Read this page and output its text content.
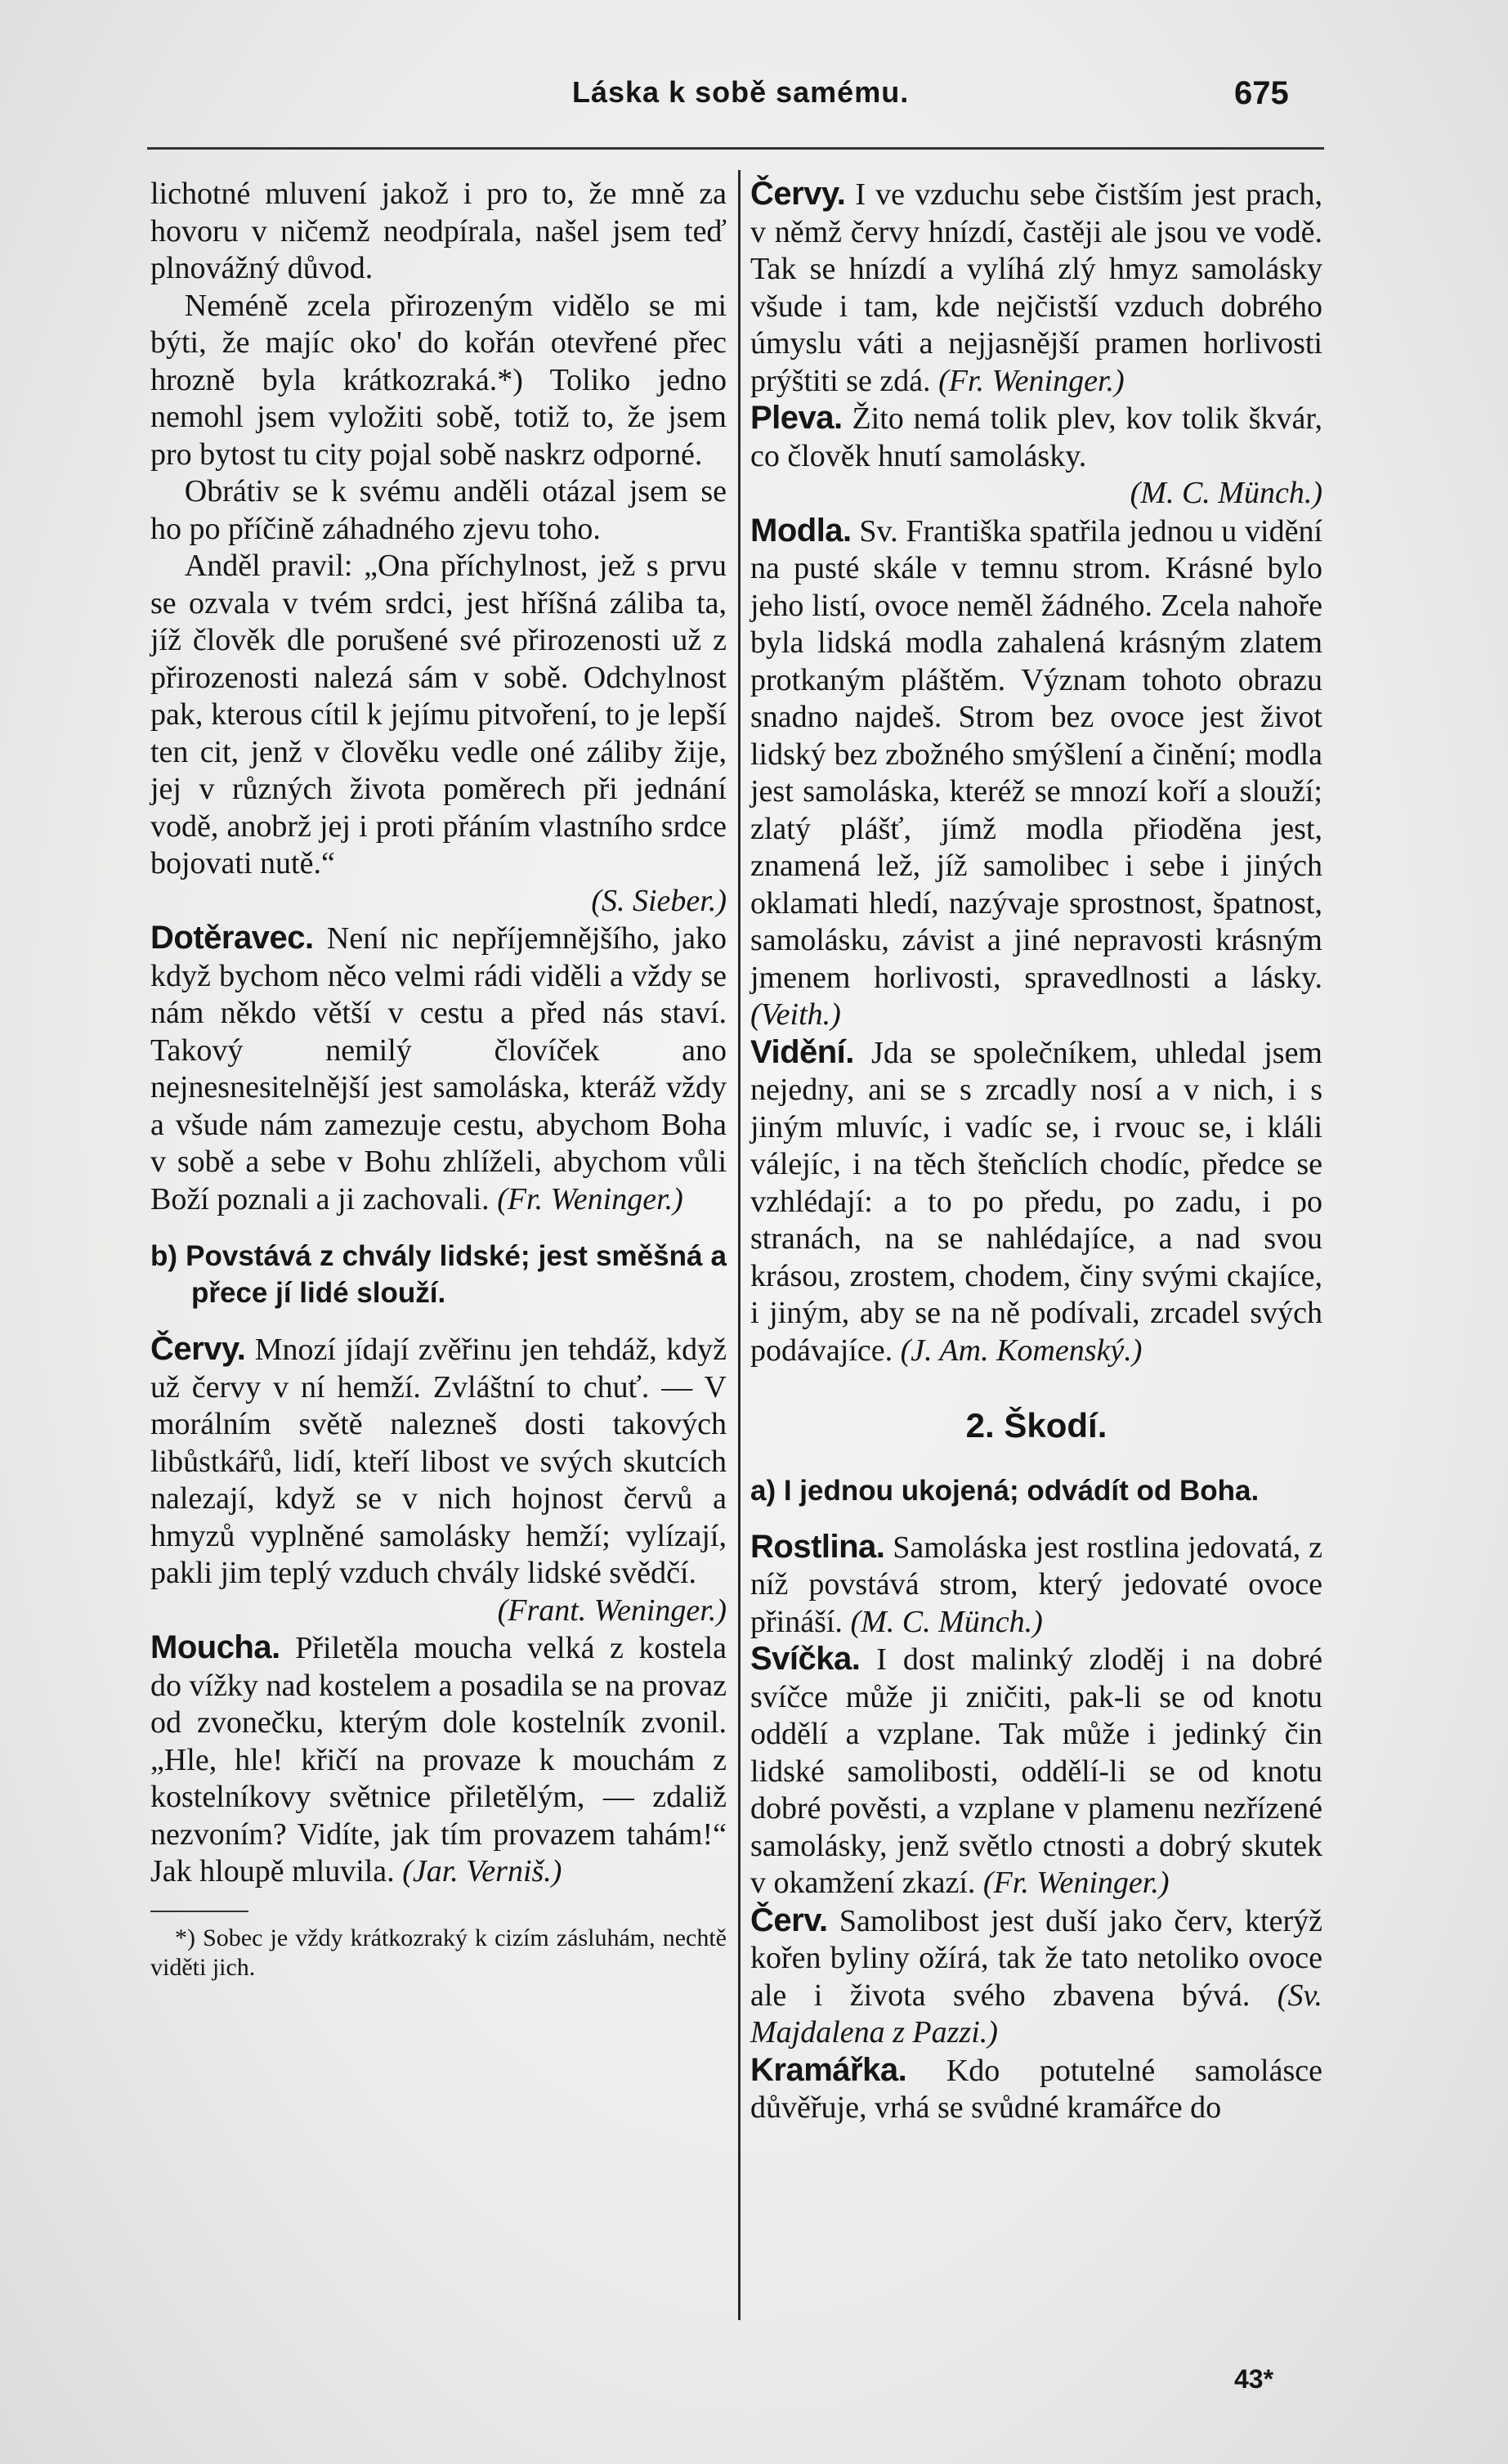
Láska k sobě samému.	675

lichotné mluvení jakož i pro to, že mně za hovoru v ničemž neodpírala, našel jsem teď plnovážný důvod.

Neméně zcela přirozeným vidělo se mi býti, že majíc oko' do kořán otevřené přec hrozně byla krátkozraká.*) Toliko jedno nemohl jsem vyložiti sobě, totiž to, že jsem pro bytost tu city pojal sobě naskrz odporné.

Obrátiv se k svému anděli otázal jsem se ho po příčině záhadného zjevu toho.

Anděl pravil: „Ona příchylnost, jež s prvu se ozvala v tvém srdci, jest hříšná záliba ta, jíž člověk dle porušené své přirozenosti už z přirozenosti nalezá sám v sobě. Odchylnost pak, kterous cítil k jejímu pitvoření, to je lepší ten cit, jenž v člověku vedle oné záliby žije, jej v různých života poměrech při jednání vodě, anobrž jej i proti přáním vlastního srdce bojovati nutě.“

(S. Sieber.)

Dotěravec. Není nic nepříjemnějšího, jako když bychom něco velmi rádi viděli a vždy se nám někdo větší v cestu a před nás staví. Takový nemilý človíček ano nejnesnesitelnější jest samoláska, kteráž vždy a všude nám zamezuje cestu, abychom Boha v sobě a sebe v Bohu zhlíželi, abychom vůli Boží poznali a ji zachovali. (Fr. Weninger.)

b) Povstává z chvály lidské; jest směšná a přece jí lidé slouží.

Červy. Mnozí jídají zvěřinu jen tehdáž, když už červy v ní hemží. Zvláštní to chuť. — V morálním světě nalezneš dosti takových libůstkářů, lidí, kteří libost ve svých skutcích nalezají, když se v nich hojnost červů a hmyzů vyplněné samolásky hemží; vylízají, pakli jim teplý vzduch chvály lidské svědčí.

(Frant. Weninger.)

Moucha. Přiletěla moucha velká z kostela do vížky nad kostelem a posadila se na provaz od zvonečku, kterým dole kostelník zvonil. „Hle, hle! křičí na provaze k mouchám z kostelníkovy světnice přiletělým, — zdaliž nezvoním? Vidíte, jak tím provazem tahám!“ Jak hloupě mluvila. (Jar. Verniš.)

*) Sobec je vždy krátkozraký k cizím zásluhám, nechtě viděti jich.

Červy. I ve vzduchu sebe čistším jest prach, v němž červy hnízdí, častěji ale jsou ve vodě. Tak se hnízdí a vylíhá zlý hmyz samolásky všude i tam, kde nejčistší vzduch dobrého úmyslu váti a nejjasnější pramen horlivosti prýštiti se zdá. (Fr. Weninger.)

Pleva. Žito nemá tolik plev, kov tolik škvár, co člověk hnutí samolásky.

(M. C. Münch.)

Modla. Sv. Františka spatřila jednou u vidění na pusté skále v temnu strom. Krásné bylo jeho listí, ovoce neměl žádného. Zcela nahoře byla lidská modla zahalená krásným zlatem protkaným pláštěm. Význam tohoto obrazu snadno najdeš. Strom bez ovoce jest život lidský bez zbožného smýšlení a činění; modla jest samoláska, kteréž se mnozí koří a slouží; zlatý plášť, jímž modla přioděna jest, znamená lež, jíž samolibec i sebe i jiných oklamati hledí, nazývaje sprostnost, špatnost, samolásku, závist a jiné nepravosti krásným jmenem horlivosti, spravedlnosti a lásky. (Veith.)

Vidění. Jda se společníkem, uhledal jsem nejedny, ani se s zrcadly nosí a v nich, i s jiným mluvíc, i vadíc se, i rvouc se, i kláli válejíc, i na těch šteňclích chodíc, předce se vzhlédají: a to po předu, po zadu, i po stranách, na se nahlédajíce, a nad svou krásou, zrostem, chodem, činy svými ckajíce, i jiným, aby se na ně podívali, zrcadel svých podávajíce. (J. Am. Komenský.)

2. Škodí.

a) I jednou ukojená; odvádít od Boha.

Rostlina. Samoláska jest rostlina jedovatá, z níž povstává strom, který jedovaté ovoce přináší. (M. C. Münch.)

Svíčka. I dost malinký zloděj i na dobré svíčce může ji zničiti, pak-li se od knotu oddělí a vzplane. Tak může i jedinký čin lidské samolibosti, oddělí-li se od knotu dobré pověsti, a vzplane v plamenu nezřízené samolásky, jenž světlo ctnosti a dobrý skutek v okamžení zkazí. (Fr. Weninger.)

Červ. Samolibost jest duší jako červ, kterýž kořen byliny ožírá, tak že tato netoliko ovoce ale i života svého zbavena bývá. (Sv. Majdalena z Pazzi.)

Kramářka. Kdo potutelné samolásce důvěřuje, vrhá se svůdné kramářce do

43*
